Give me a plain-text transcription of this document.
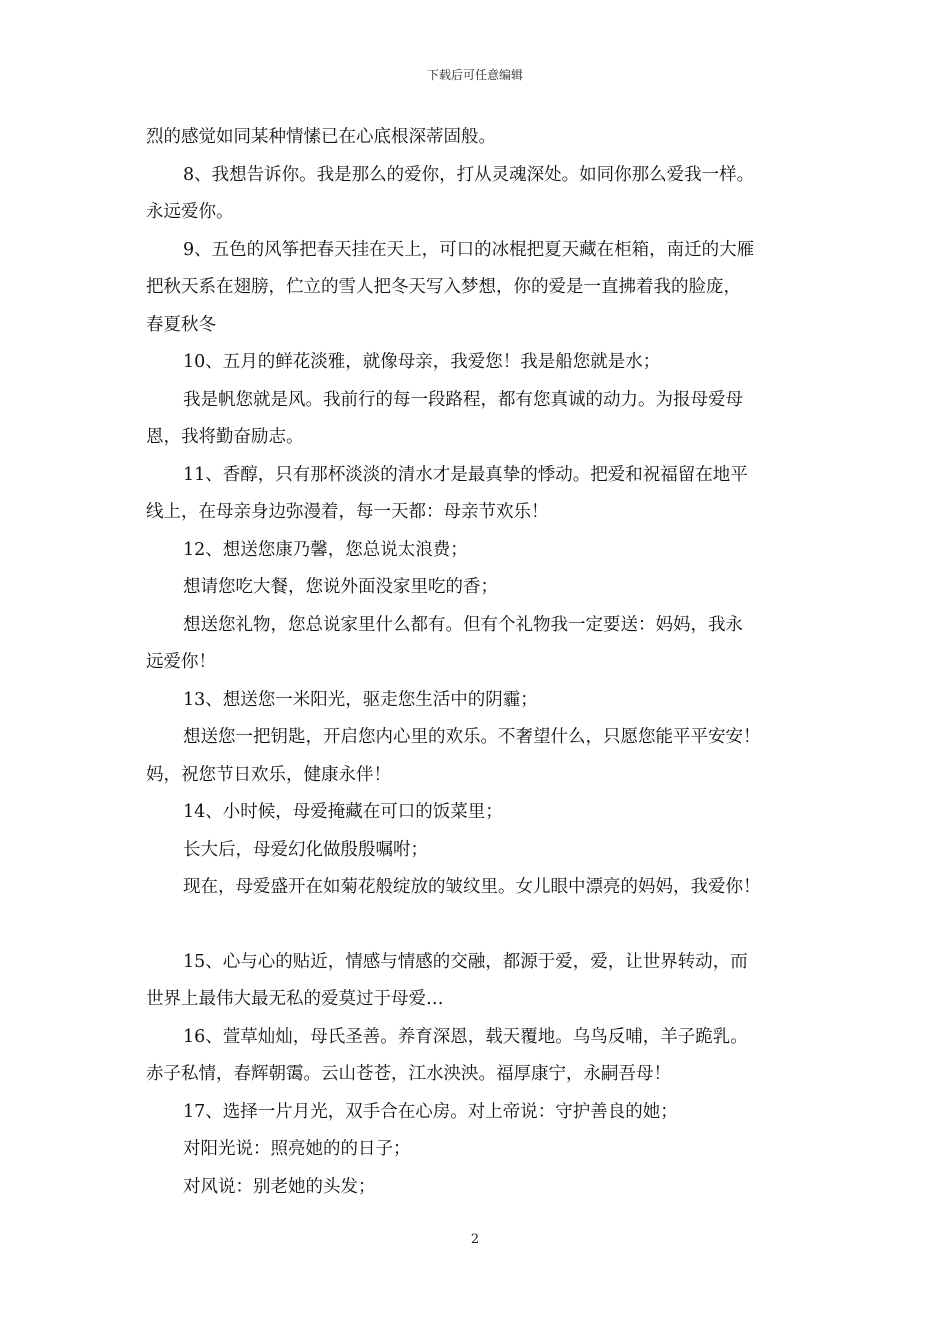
下载后可任意编辑
烈的感觉如同某种情愫已在心底根深蒂固般。
8、我想告诉你。我是那么的爱你，打从灵魂深处。如同你那么爱我一样。
永远爱你。
9、五色的风筝把春天挂在天上，可口的冰棍把夏天藏在柜箱，南迁的大雁
把秋天系在翅膀，伫立的雪人把冬天写入梦想，你的爱是一直拂着我的脸庞，
春夏秋冬
10、五月的鲜花淡雅，就像母亲，我爱您！我是船您就是水；
我是帆您就是风。我前行的每一段路程，都有您真诚的动力。为报母爱母
恩，我将勤奋励志。
11、香醇，只有那杯淡淡的清水才是最真挚的悸动。把爱和祝福留在地平
线上，在母亲身边弥漫着，每一天都：母亲节欢乐！
12、想送您康乃馨，您总说太浪费；
想请您吃大餐，您说外面没家里吃的香；
想送您礼物，您总说家里什么都有。但有个礼物我一定要送：妈妈，我永
远爱你！
13、想送您一米阳光，驱走您生活中的阴霾；
想送您一把钥匙，开启您内心里的欢乐。不奢望什么，只愿您能平平安安！
妈，祝您节日欢乐，健康永伴！
14、小时候，母爱掩藏在可口的饭菜里；
长大后，母爱幻化做殷殷嘱咐；
现在，母爱盛开在如菊花般绽放的皱纹里。女儿眼中漂亮的妈妈，我爱你！
15、心与心的贴近，情感与情感的交融，都源于爱，爱，让世界转动，而
世界上最伟大最无私的爱莫过于母爱…
16、萱草灿灿，母氏圣善。养育深恩，载天覆地。乌鸟反哺，羊子跪乳。
赤子私情，春辉朝霭。云山苍苍，江水泱泱。福厚康宁，永嗣吾母！
17、选择一片月光，双手合在心房。对上帝说：守护善良的她；
对阳光说：照亮她的的日子；
对风说：别老她的头发；
2
